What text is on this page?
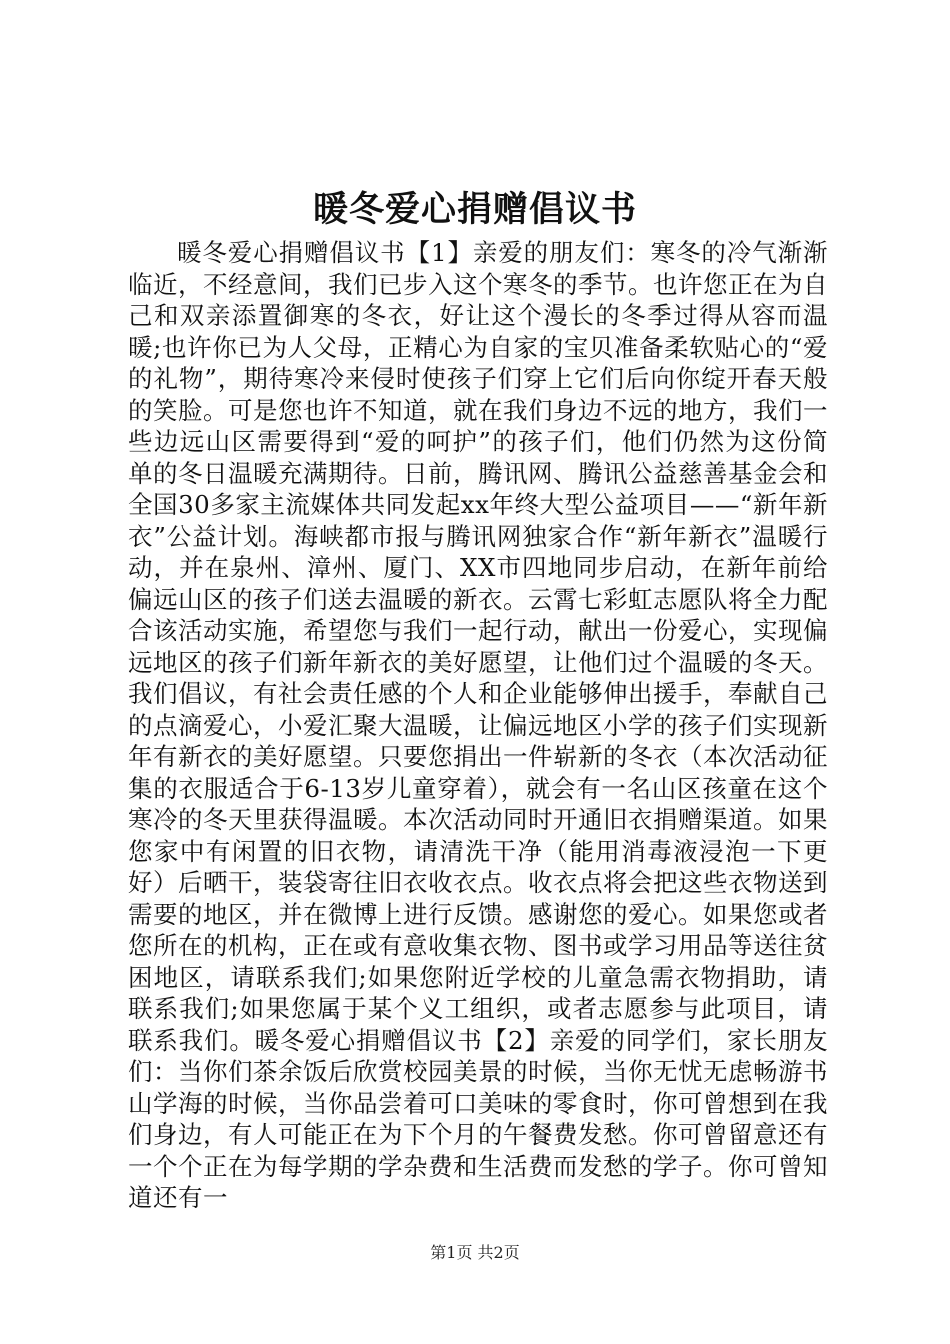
暖冬爱心捐赠倡议书

暖冬爱心捐赠倡议书【1】亲爱的朋友们：寒冬的冷气渐渐临近，不经意间，我们已步入这个寒冬的季节。也许您正在为自己和双亲添置御寒的冬衣，好让这个漫长的冬季过得从容而温暖;也许你已为人父母，正精心为自家的宝贝准备柔软贴心的“爱的礼物”，期待寒冷来侵时使孩子们穿上它们后向你绽开春天般的笑脸。可是您也许不知道，就在我们身边不远的地方，我们一些边远山区需要得到“爱的呵护”的孩子们，他们仍然为这份简单的冬日温暖充满期待。日前，腾讯网、腾讯公益慈善基金会和全国30多家主流媒体共同发起xx年终大型公益项目——“新年新衣”公益计划。海峡都市报与腾讯网独家合作“新年新衣”温暖行动，并在泉州、漳州、厦门、XX市四地同步启动，在新年前给偏远山区的孩子们送去温暖的新衣。云霄七彩虹志愿队将全力配合该活动实施，希望您与我们一起行动，献出一份爱心，实现偏远地区的孩子们新年新衣的美好愿望，让他们过个温暖的冬天。我们倡议，有社会责任感的个人和企业能够伸出援手，奉献自己的点滴爱心，小爱汇聚大温暖，让偏远地区小学的孩子们实现新年有新衣的美好愿望。只要您捐出一件崭新的冬衣（本次活动征集的衣服适合于6-13岁儿童穿着），就会有一名山区孩童在这个寒冷的冬天里获得温暖。本次活动同时开通旧衣捐赠渠道。如果您家中有闲置的旧衣物，请清洗干净（能用消毒液浸泡一下更好）后晒干，装袋寄往旧衣收衣点。收衣点将会把这些衣物送到需要的地区，并在微博上进行反馈。感谢您的爱心。如果您或者您所在的机构，正在或有意收集衣物、图书或学习用品等送往贫困地区，请联系我们;如果您附近学校的儿童急需衣物捐助，请联系我们;如果您属于某个义工组织，或者志愿参与此项目，请联系我们。暖冬爱心捐赠倡议书【2】亲爱的同学们，家长朋友们：当你们茶余饭后欣赏校园美景的时候，当你无忧无虑畅游书山学海的时候，当你品尝着可口美味的零食时，你可曾想到在我们身边，有人可能正在为下个月的午餐费发愁。你可曾留意还有一个个正在为每学期的学杂费和生活费而发愁的学子。你可曾知道还有一

第1页 共2页
